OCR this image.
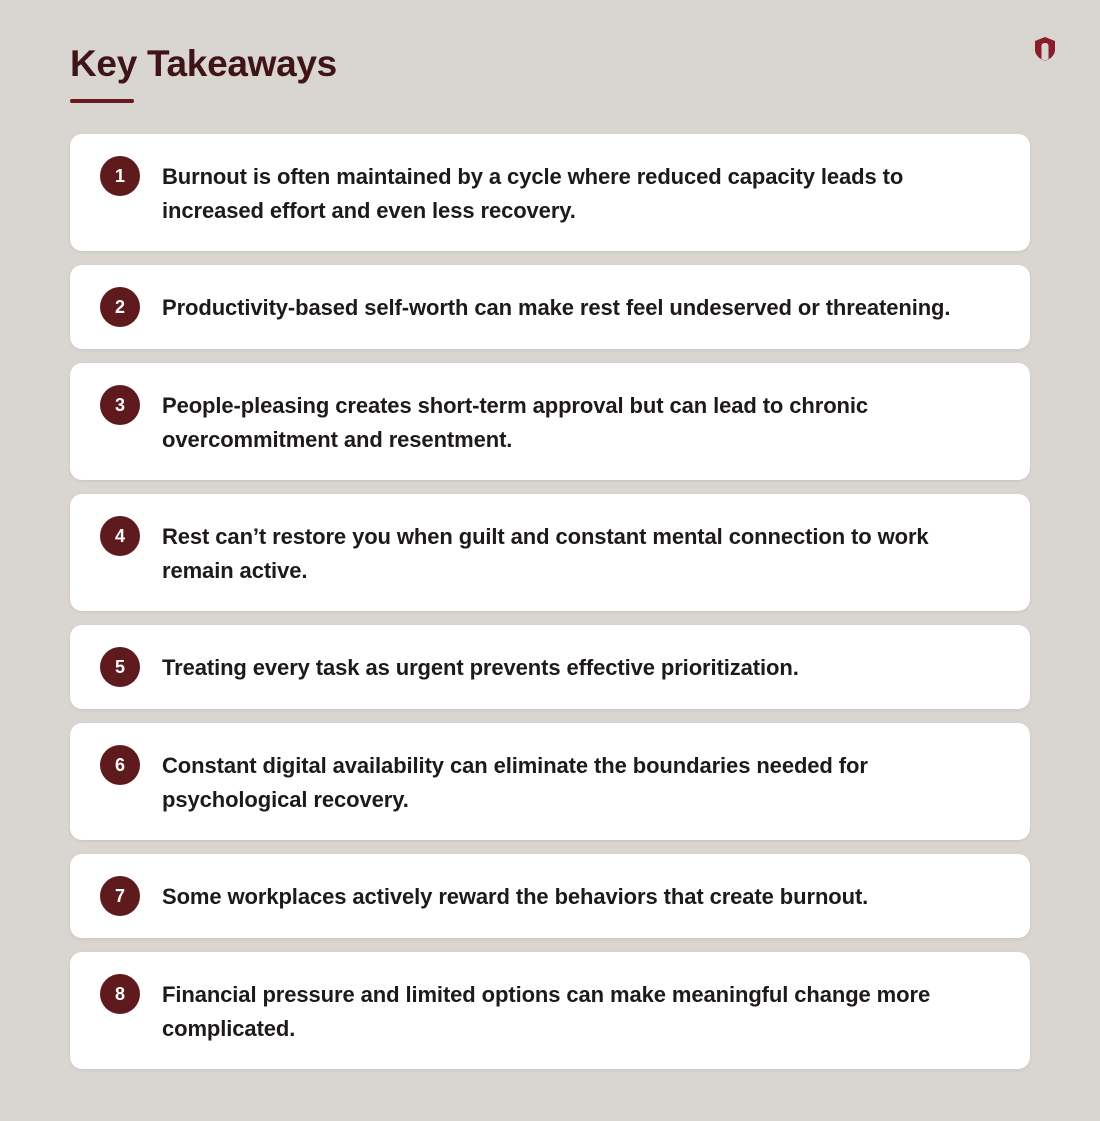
Key Takeaways
1	Burnout is often maintained by a cycle where reduced capacity leads to increased effort and even less recovery.

2	Productivity-based self-worth can make rest feel undeserved or threatening.

3	People-pleasing creates short-term approval but can lead to chronic overcommitment and resentment.

4	Rest can’t restore you when guilt and constant mental connection to work remain active.

5	Treating every task as urgent prevents effective prioritization.

6	Constant digital availability can eliminate the boundaries needed for psychological recovery.

7	Some workplaces actively reward the behaviors that create burnout.

8	Financial pressure and limited options can make meaningful change more complicated.
